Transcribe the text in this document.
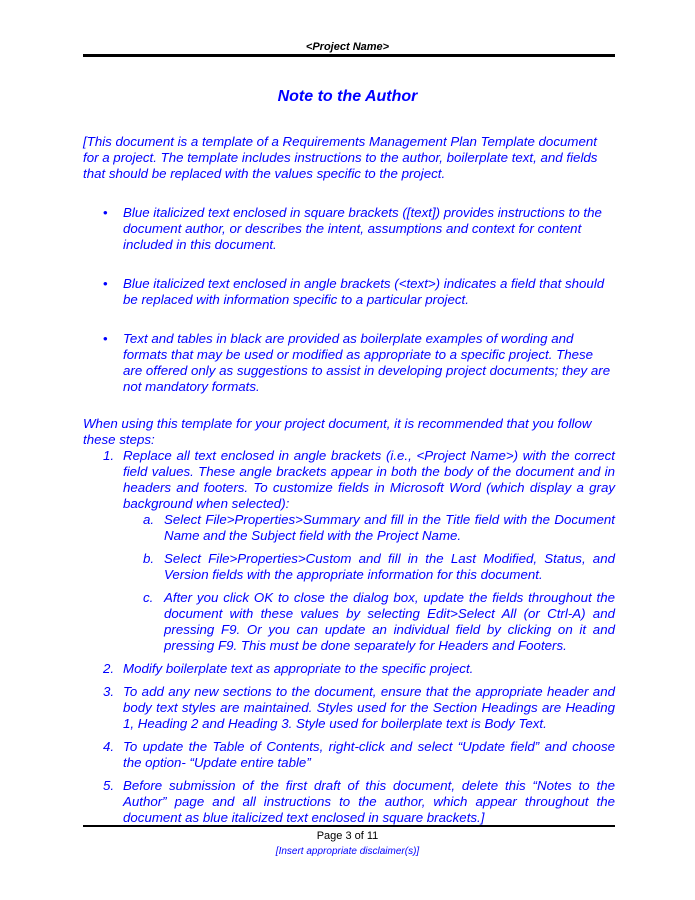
<Project Name>
Note to the Author

[This document is a template of a Requirements Management Plan Template document for a project. The template includes instructions to the author, boilerplate text, and fields that should be replaced with the values specific to the project.

• Blue italicized text enclosed in square brackets ([text]) provides instructions to the document author, or describes the intent, assumptions and context for content included in this document.
• Blue italicized text enclosed in angle brackets (<text>) indicates a field that should be replaced with information specific to a particular project.
• Text and tables in black are provided as boilerplate examples of wording and formats that may be used or modified as appropriate to a specific project. These are offered only as suggestions to assist in developing project documents; they are not mandatory formats.

When using this template for your project document, it is recommended that you follow these steps:

1. Replace all text enclosed in angle brackets (i.e., <Project Name>) with the correct field values. These angle brackets appear in both the body of the document and in headers and footers. To customize fields in Microsoft Word (which display a gray background when selected):
a. Select File>Properties>Summary and fill in the Title field with the Document Name and the Subject field with the Project Name.
b. Select File>Properties>Custom and fill in the Last Modified, Status, and Version fields with the appropriate information for this document.
c. After you click OK to close the dialog box, update the fields throughout the document with these values by selecting Edit>Select All (or Ctrl-A) and pressing F9. Or you can update an individual field by clicking on it and pressing F9. This must be done separately for Headers and Footers.
2. Modify boilerplate text as appropriate to the specific project.
3. To add any new sections to the document, ensure that the appropriate header and body text styles are maintained. Styles used for the Section Headings are Heading 1, Heading 2 and Heading 3. Style used for boilerplate text is Body Text.
4. To update the Table of Contents, right-click and select “Update field” and choose the option- “Update entire table”
5. Before submission of the first draft of this document, delete this “Notes to the Author” page and all instructions to the author, which appear throughout the document as blue italicized text enclosed in square brackets.]
Page 3 of 11
[Insert appropriate disclaimer(s)]
